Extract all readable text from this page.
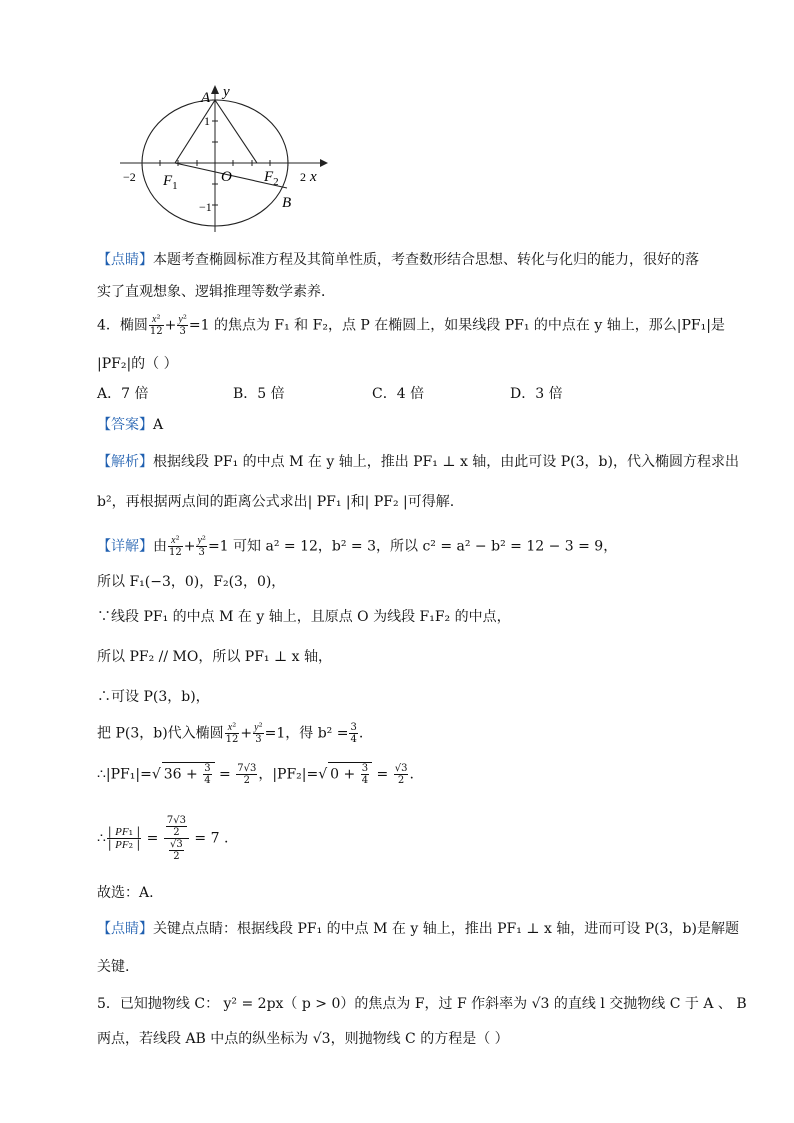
A y
x
O
$F_1$
$F_2$
B
−2	2
1
−1
【点睛】本题考查椭圆标准方程及其简单性质，考查数形结合思想、转化与化归的能力，很好的落
实了直观想象、逻辑推理等数学素养．
4．椭圆 $\frac{\text{x²}}{12} + \frac{\text{y²}}{3} =1$ 的焦点为 F₁ 和 F₂，点 P 在椭圆上，如果线段 PF₁ 的中点在 y 轴上，那么|PF₁|是
|PF₂|的（ ）
A．7 倍	B．5 倍	C．4 倍	D．3 倍
【答案】A
【解析】根据线段 PF₁ 的中点 M 在 y 轴上，推出 PF₁ ⊥ x 轴，由此可设 P(3，b)，代入椭圆方程求出
b²，再根据两点间的距离公式求出| PF₁ |和| PF₂ |可得解.
【详解】由 $\frac{\text{x²}}{12} + \frac{\text{y²}}{3} =1$ 可知 a² = 12，b² = 3，所以 c² = a² − b² = 12 − 3 = 9，
所以 F₁(−3，0)，F₂(3，0)，
∵线段 PF₁ 的中点 M 在 y 轴上，且原点 O 为线段 F₁F₂ 的中点，
所以 PF₂ // MO，所以 PF₁ ⊥ x 轴，
∴可设 P(3，b)，
把 P(3，b)代入椭圆 $\frac{\text{x²}}{12} + \frac{\text{y²}}{3} =1$，得 $b^2 = \frac{3}{4}$ .
∴|PF₁|=√ $36 + \frac{3}{4} = \frac{7√3}{2}$ ，|PF₂|=√ $0 + \frac{3}{4} = \frac{√3}{2}$ .
∴ $\frac{\text{| PF₁ |}}{\text{| PF₂ |}} = \frac{\frac{7√3}{2}}{\frac{√3}{2}} = 7$ .
故选：A.
【点睛】关键点点睛：根据线段 PF₁ 的中点 M 在 y 轴上，推出 PF₁ ⊥ x 轴，进而可设 P(3，b)是解题
关键.
5．已知抛物线 C： y² = 2px（ p > 0）的焦点为 F，过 F 作斜率为 √3 的直线 l 交抛物线 C 于 A 、 B
两点，若线段 AB 中点的纵坐标为 √3，则抛物线 C 的方程是（ ）
